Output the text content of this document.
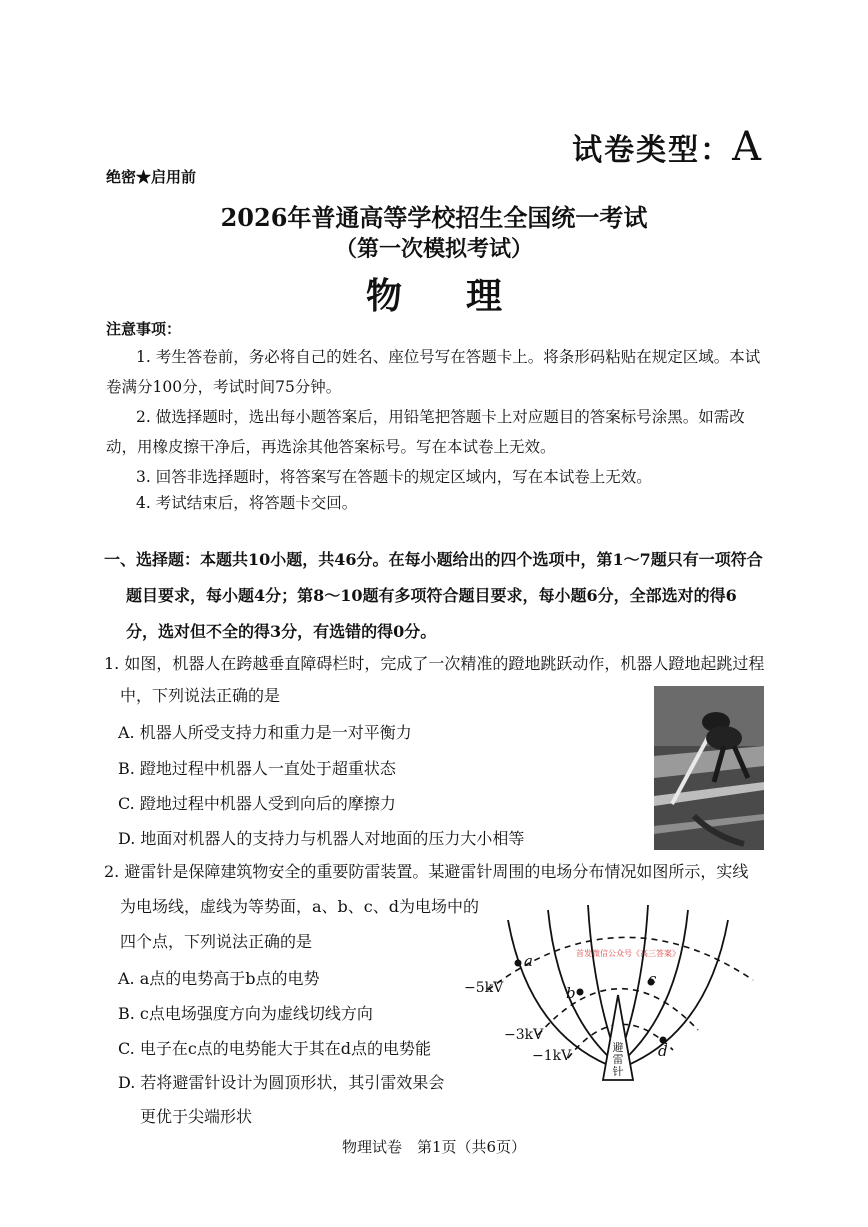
试卷类型：A
绝密★启用前
2026年普通高等学校招生全国统一考试
（第一次模拟考试）
物理
注意事项：
1. 考生答卷前，务必将自己的姓名、座位号写在答题卡上。将条形码粘贴在规定区域。本试卷满分100分，考试时间75分钟。
2. 做选择题时，选出每小题答案后，用铅笔把答题卡上对应题目的答案标号涂黑。如需改动，用橡皮擦干净后，再选涂其他答案标号。写在本试卷上无效。
3. 回答非选择题时，将答案写在答题卡的规定区域内，写在本试卷上无效。
4. 考试结束后，将答题卡交回。
一、选择题：本题共10小题，共46分。在每小题给出的四个选项中，第1～7题只有一项符合
题目要求，每小题4分；第8～10题有多项符合题目要求，每小题6分，全部选对的得6
分，选对但不全的得3分，有选错的得0分。
1. 如图，机器人在跨越垂直障碍栏时，完成了一次精准的蹬地跳跃动作，机器人蹬地起跳过程
中，下列说法正确的是
A. 机器人所受支持力和重力是一对平衡力
B. 蹬地过程中机器人一直处于超重状态
C. 蹬地过程中机器人受到向后的摩擦力
D. 地面对机器人的支持力与机器人对地面的压力大小相等
2. 避雷针是保障建筑物安全的重要防雷装置。某避雷针周围的电场分布情况如图所示，实线
为电场线，虚线为等势面，a、b、c、d为电场中的
四个点，下列说法正确的是
A. a点的电势高于b点的电势
B. c点电场强度方向为虚线切线方向
C. 电子在c点的电势能大于其在d点的电势能
D. 若将避雷针设计为圆顶形状，其引雷效果会
更优于尖端形状
首发微信公众号《高三答案》
a
b
c
d
−5kV
−3kV
−1kV
避
雷
针
物理试卷　第1页（共6页）
